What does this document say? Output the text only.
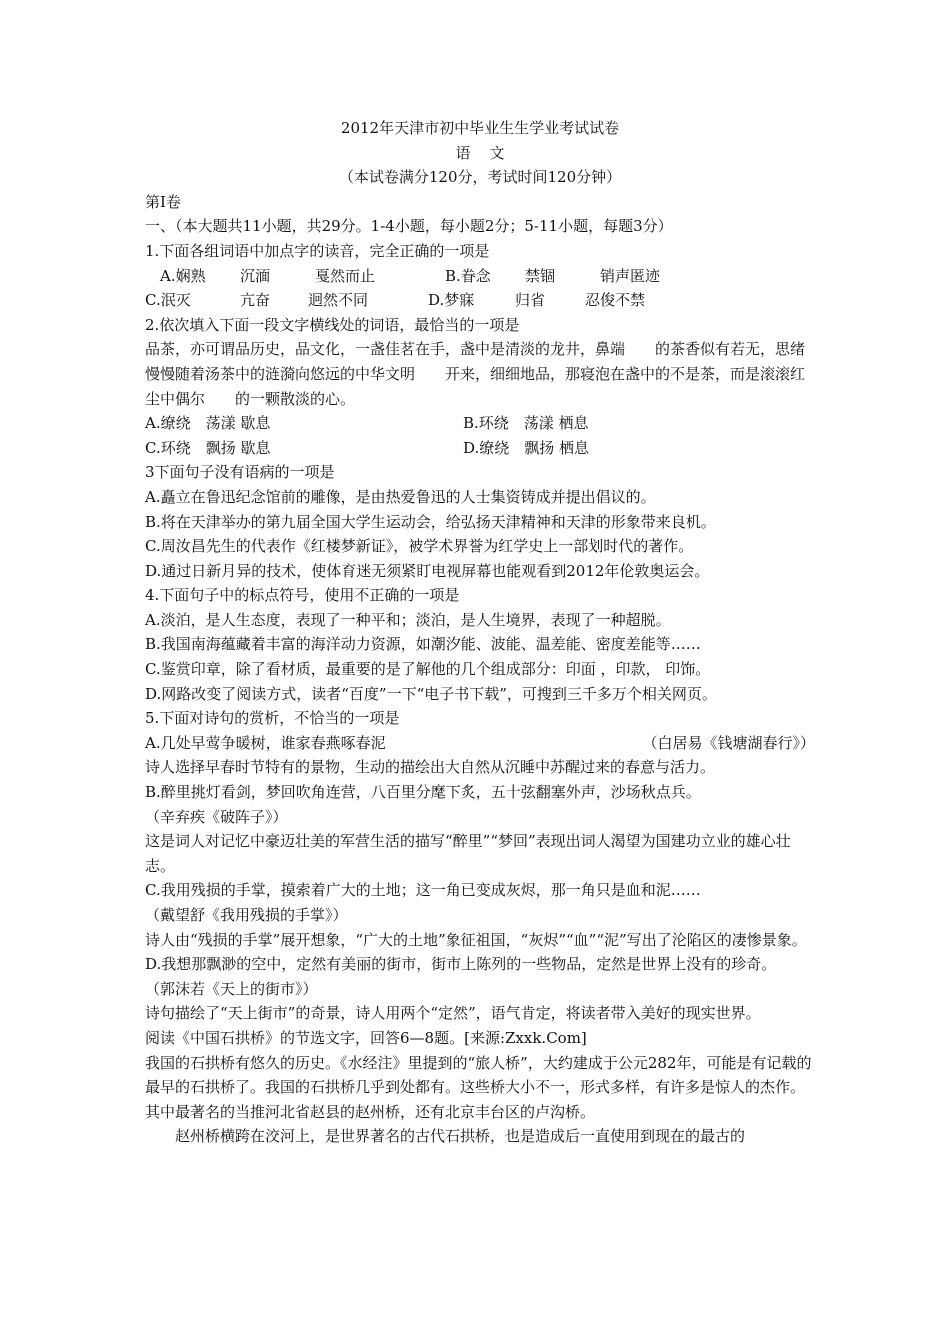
2012年天津市初中毕业生生学业考试试卷
语    文
（本试卷满分120分，考试时间120分钟）
第I卷
一、（本大题共11小题，共29分。1-4小题，每小题2分；5-11小题，每题3分）
1.下面各组词语中加点字的读音，完全正确的一项是
A.娴熟	沉湎	戛然而止	B.眷念	禁锢	销声匿迹
C.泯灭	亢奋	迥然不同	D.梦寐	归省	忍俊不禁
2.依次填入下面一段文字横线处的词语，最恰当的一项是
品茶，亦可谓品历史，品文化，一盏佳茗在手，盏中是清淡的龙井，鼻端　　的茶香似有若无，思绪慢慢随着汤茶中的涟漪向悠远的中华文明　　开来，细细地品，那寝泡在盏中的不是茶，而是滚滚红尘中偶尔　　的一颗散淡的心。
A.缭绕　荡漾 歇息	B.环绕　荡漾 栖息
C.环绕　飘扬 歇息	D.缭绕　飘扬 栖息
3下面句子没有语病的一项是
A.矗立在鲁迅纪念馆前的雕像，是由热爱鲁迅的人士集资铸成并提出倡议的。
B.将在天津举办的第九届全国大学生运动会，给弘扬天津精神和天津的形象带来良机。
C.周汝昌先生的代表作《红楼梦新证》，被学术界誉为红学史上一部划时代的著作。
D.通过日新月异的技术，使体育迷无须紧盯电视屏幕也能观看到2012年伦敦奥运会。
4.下面句子中的标点符号，使用不正确的一项是
A.淡泊，是人生态度，表现了一种平和；淡泊，是人生境界，表现了一种超脱。
B.我国南海蕴藏着丰富的海洋动力资源，如潮汐能、波能、温差能、密度差能等……
C.鉴赏印章，除了看材质，最重要的是了解他的几个组成部分：印面 ，印款， 印饰。
D.网路改变了阅读方式，读者“百度”一下“电子书下载”，可搜到三千多万个相关网页。
5.下面对诗句的赏析，不恰当的一项是
A.几处早莺争暖树，谁家春燕啄春泥	（白居易《钱塘湖春行》）
诗人选择早春时节特有的景物，生动的描绘出大自然从沉睡中苏醒过来的春意与活力。
B.醉里挑灯看剑，梦回吹角连营，八百里分麾下炙，五十弦翻塞外声，沙场秋点兵。
（辛弃疾《破阵子》）
这是词人对记忆中豪迈壮美的军营生活的描写“醉里”“梦回”表现出词人渴望为国建功立业的雄心壮志。
C.我用残损的手掌，摸索着广大的土地；这一角已变成灰烬，那一角只是血和泥……
（戴望舒《我用残损的手掌》）
诗人由“残损的手掌”展开想象，“广大的土地”象征祖国，“灰烬”“血”“泥”写出了沦陷区的凄惨景象。
D.我想那飘渺的空中，定然有美丽的街市，街市上陈列的一些物品，定然是世界上没有的珍奇。
（郭沫若《天上的街市》）
诗句描绘了“天上街市”的奇景，诗人用两个“定然”，语气肯定，将读者带入美好的现实世界。
阅读《中国石拱桥》的节选文字，回答6—8题。[来源:Zxxk.Com]
我国的石拱桥有悠久的历史。《水经注》里提到的“旅人桥”，大约建成于公元282年，可能是有记载的最早的石拱桥了。我国的石拱桥几乎到处都有。这些桥大小不一，形式多样，有许多是惊人的杰作。其中最著名的当推河北省赵县的赵州桥，还有北京丰台区的卢沟桥。
赵州桥横跨在洨河上，是世界著名的古代石拱桥，也是造成后一直使用到现在的最古的
